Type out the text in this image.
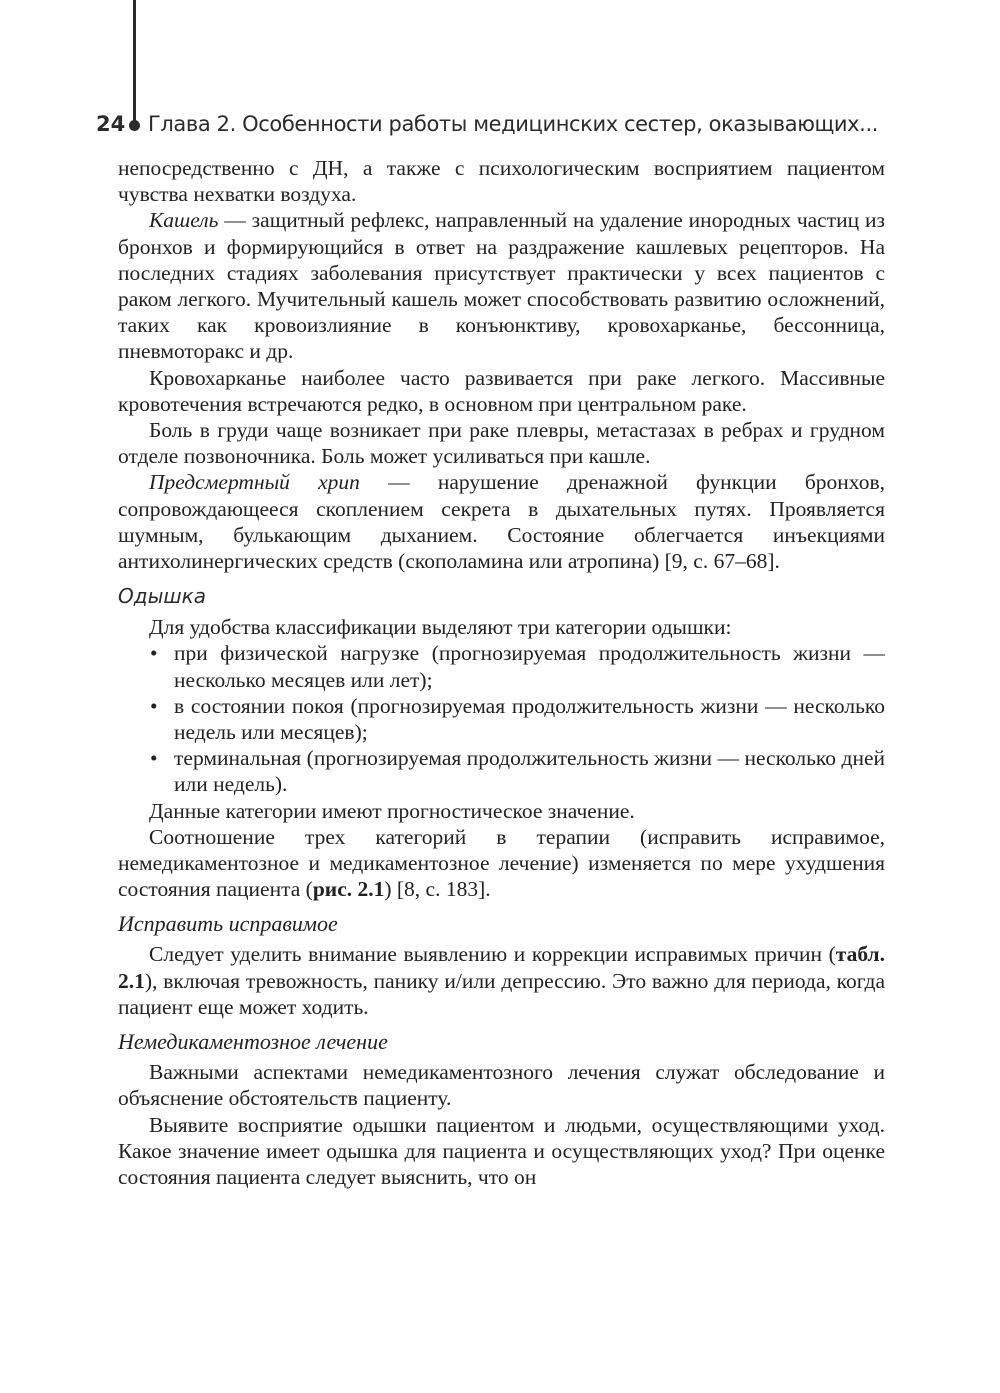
24 Глава 2. Особенности работы медицинских сестер, оказывающих...

непосредственно с ДН, а также с психологическим восприятием пациентом чувства нехватки воздуха.

Кашель — защитный рефлекс, направленный на удаление инородных частиц из бронхов и формирующийся в ответ на раздражение кашлевых рецепторов. На последних стадиях заболевания присутствует практически у всех пациентов с раком легкого. Мучительный кашель может способствовать развитию осложнений, таких как кровоизлияние в конъюнктиву, кровохарканье, бессонница, пневмоторакс и др.

Кровохарканье наиболее часто развивается при раке легкого. Массивные кровотечения встречаются редко, в основном при центральном раке.

Боль в груди чаще возникает при раке плевры, метастазах в ребрах и грудном отделе позвоночника. Боль может усиливаться при кашле.

Предсмертный хрип — нарушение дренажной функции бронхов, сопровождающееся скоплением секрета в дыхательных путях. Проявляется шумным, булькающим дыханием. Состояние облегчается инъекциями антихолинергических средств (скополамина или атропина) [9, с. 67–68].

Одышка

Для удобства классификации выделяют три категории одышки:

• при физической нагрузке (прогнозируемая продолжительность жизни — несколько месяцев или лет);
• в состоянии покоя (прогнозируемая продолжительность жизни — несколько недель или месяцев);
• терминальная (прогнозируемая продолжительность жизни — несколько дней или недель).

Данные категории имеют прогностическое значение.

Соотношение трех категорий в терапии (исправить исправимое, немедикаментозное и медикаментозное лечение) изменяется по мере ухудшения состояния пациента (рис. 2.1) [8, с. 183].

Исправить исправимое

Следует уделить внимание выявлению и коррекции исправимых причин (табл. 2.1), включая тревожность, панику и/или депрессию. Это важно для периода, когда пациент еще может ходить.

Немедикаментозное лечение

Важными аспектами немедикаментозного лечения служат обследование и объяснение обстоятельств пациенту.

Выявите восприятие одышки пациентом и людьми, осуществляющими уход. Какое значение имеет одышка для пациента и осуществляющих уход? При оценке состояния пациента следует выяснить, что он
